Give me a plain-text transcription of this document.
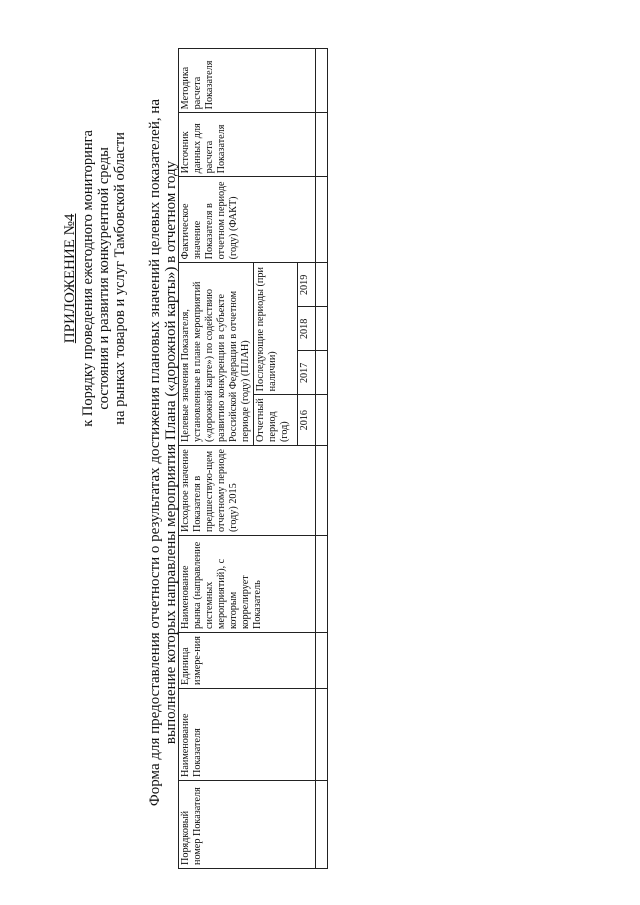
ПРИЛОЖЕНИЕ №4 к Порядку проведения ежегодного мониторинга состояния и развития конкурентной среды на рынках товаров и услуг Тамбовской области Форма для предоставления отчетности о результатах достижения плановых значений целевых показателей, на выполнение которых направлены мероприятия Плана («дорожной карты») в отчетном году
Порядковый номер Показателя	Наименование Показателя	Единица измере-ния	Наименование рынка (направление системных мероприятий), с которым коррелирует Показатель	Исходное значение Показателя в предшествую-щем отчетному периоде (году) 2015	Целевые значения Показателя, установленные в плане мероприятий («дорожной карте») по содействию развитию конкуренции в субъекте Российской Федерации в отчетном периоде (году) (ПЛАН)				Фактическое значение Показателя в отчетном периоде (году) (ФАКТ)	Источник данных для расчета Показателя	Методика расчета Показателя
					Отчетный период (год)	Последующие периоды (при наличии)					
					2016	2017	2018	2019			
